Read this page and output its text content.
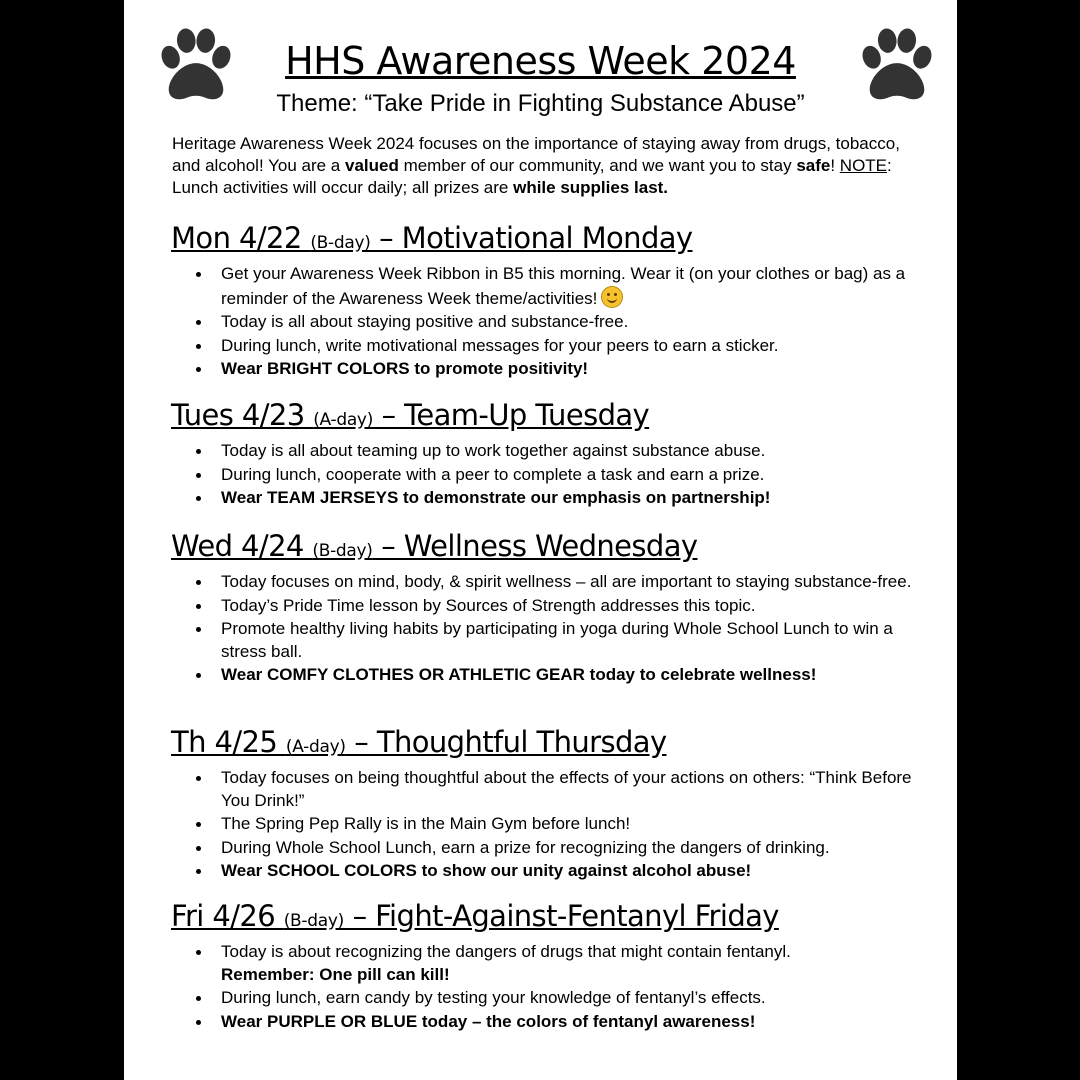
HHS Awareness Week 2024
Theme: “Take Pride in Fighting Substance Abuse”
Heritage Awareness Week 2024 focuses on the importance of staying away from drugs, tobacco, and alcohol! You are a valued member of our community, and we want you to stay safe! NOTE: Lunch activities will occur daily; all prizes are while supplies last.
Mon 4/22 (B-day) – Motivational Monday
Get your Awareness Week Ribbon in B5 this morning. Wear it (on your clothes or bag) as a reminder of the Awareness Week theme/activities!
Today is all about staying positive and substance-free.
During lunch, write motivational messages for your peers to earn a sticker.
Wear BRIGHT COLORS to promote positivity!
Tues 4/23 (A-day) – Team-Up Tuesday
Today is all about teaming up to work together against substance abuse.
During lunch, cooperate with a peer to complete a task and earn a prize.
Wear TEAM JERSEYS to demonstrate our emphasis on partnership!
Wed 4/24 (B-day) – Wellness Wednesday
Today focuses on mind, body, & spirit wellness – all are important to staying substance-free.
Today’s Pride Time lesson by Sources of Strength addresses this topic.
Promote healthy living habits by participating in yoga during Whole School Lunch to win a stress ball.
Wear COMFY CLOTHES OR ATHLETIC GEAR today to celebrate wellness!
Th 4/25 (A-day) – Thoughtful Thursday
Today focuses on being thoughtful about the effects of your actions on others: “Think Before You Drink!”
The Spring Pep Rally is in the Main Gym before lunch!
During Whole School Lunch, earn a prize for recognizing the dangers of drinking.
Wear SCHOOL COLORS to show our unity against alcohol abuse!
Fri 4/26 (B-day) – Fight-Against-Fentanyl Friday
Today is about recognizing the dangers of drugs that might contain fentanyl.
Remember: One pill can kill!
During lunch, earn candy by testing your knowledge of fentanyl’s effects.
Wear PURPLE OR BLUE today – the colors of fentanyl awareness!
